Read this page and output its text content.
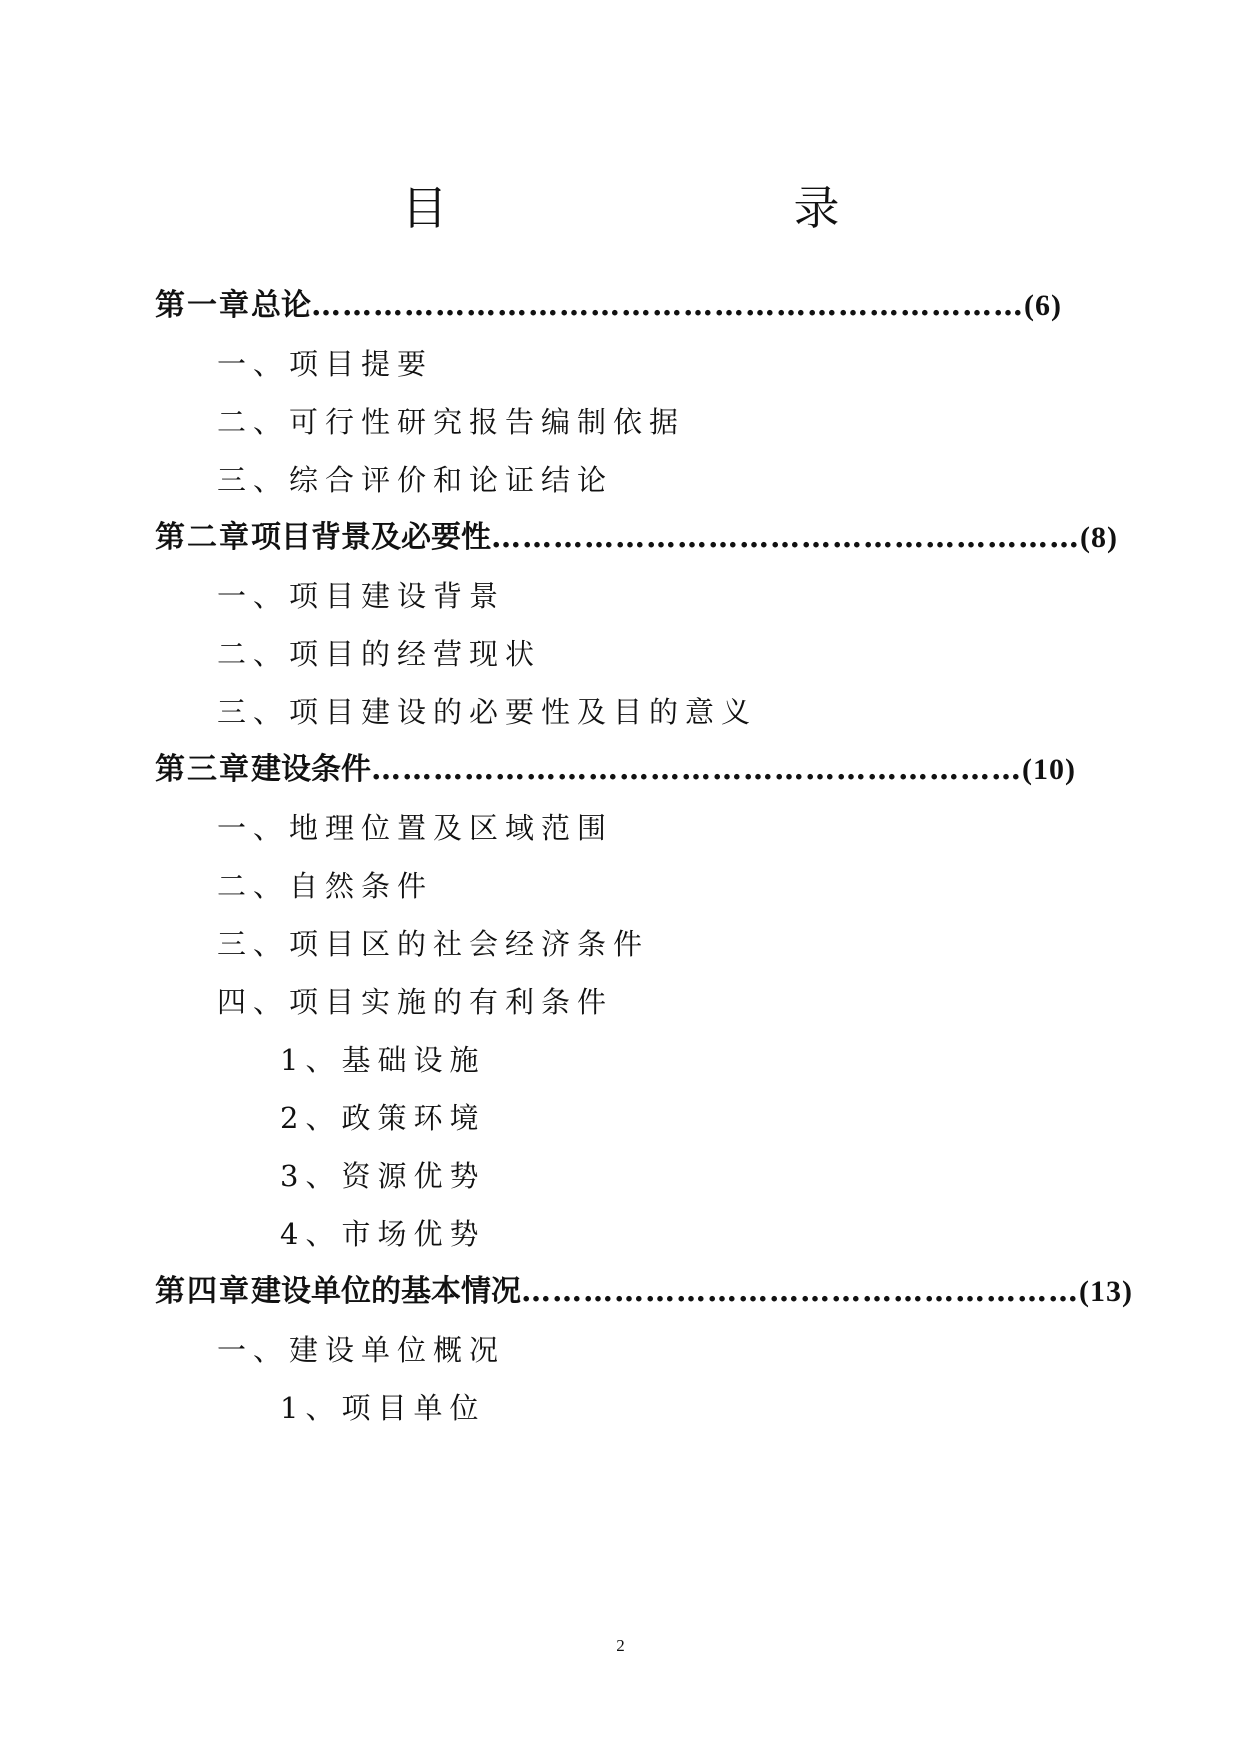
目　录
第一章 总论 …………………………………………………………… (6)
一、项目提要
二、可行性研究报告编制依据
三、综合评价和论证结论
第二章 项目背景及必要性 ………………………………………………… (8)
一、项目建设背景
二、项目的经营现状
三、项目建设的必要性及目的意义
第三章 建设条件 ……………………………………………………… (10)
一、地理位置及区域范围
二、自然条件
三、项目区的社会经济条件
四、项目实施的有利条件
1、基础设施
2、政策环境
3、资源优势
4、市场优势
第四章 建设单位的基本情况 ……………………………………………… (13)
一、建设单位概况
1、项目单位
2
